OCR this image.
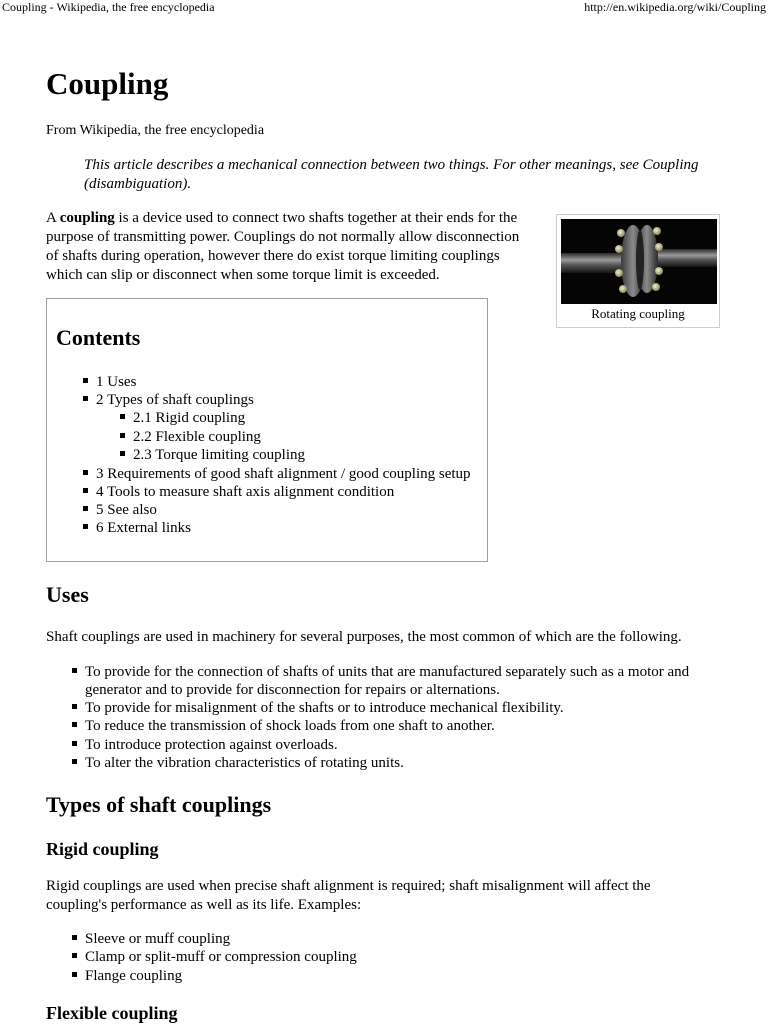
Coupling - Wikipedia, the free encyclopedia	http://en.wikipedia.org/wiki/Coupling
Coupling
From Wikipedia, the free encyclopedia
This article describes a mechanical connection between two things. For other meanings, see Coupling
(disambiguation).
A coupling is a device used to connect two shafts together at their ends for the
purpose of transmitting power. Couplings do not normally allow disconnection
of shafts during operation, however there do exist torque limiting couplings
which can slip or disconnect when some torque limit is exceeded.
Rotating coupling
Contents
1 Uses
2 Types of shaft couplings
2.1 Rigid coupling
2.2 Flexible coupling
2.3 Torque limiting coupling
3 Requirements of good shaft alignment / good coupling setup
4 Tools to measure shaft axis alignment condition
5 See also
6 External links
Uses
Shaft couplings are used in machinery for several purposes, the most common of which are the following.
To provide for the connection of shafts of units that are manufactured separately such as a motor and
generator and to provide for disconnection for repairs or alternations.
To provide for misalignment of the shafts or to introduce mechanical flexibility.
To reduce the transmission of shock loads from one shaft to another.
To introduce protection against overloads.
To alter the vibration characteristics of rotating units.
Types of shaft couplings
Rigid coupling
Rigid couplings are used when precise shaft alignment is required; shaft misalignment will affect the
coupling's performance as well as its life. Examples:
Sleeve or muff coupling
Clamp or split-muff or compression coupling
Flange coupling
Flexible coupling
